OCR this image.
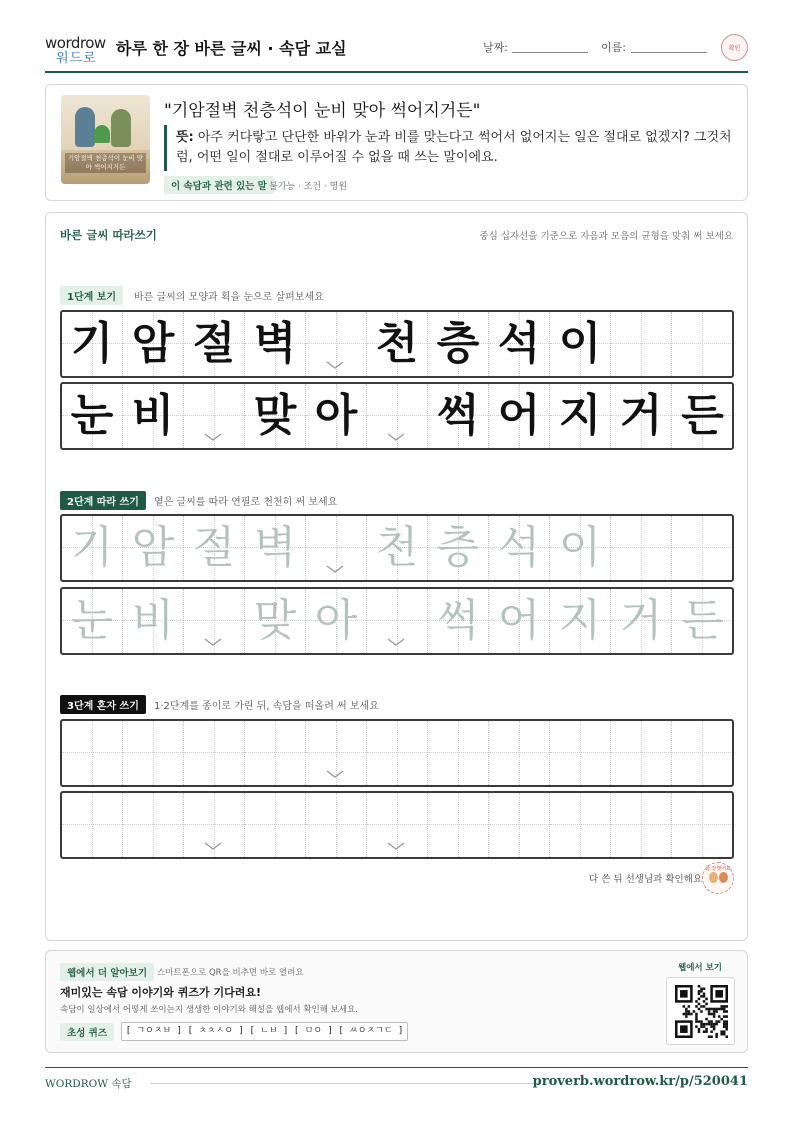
wordrow
워드로
하루 한 장 바른 글씨 · 속담 교실	날짜:	이름:	확인
기암절벽 천층석이 눈비 맞아 썩어지거든
"기암절벽 천층석이 눈비 맞아 썩어지거든"
뜻: 아주 커다랗고 단단한 바위가 눈과 비를 맞는다고 썩어서 없어지는 일은 절대로 없겠지? 그것처럼, 어떤 일이 절대로 이루어질 수 없을 때 쓰는 말이에요.
이 속담과 관련 있는 말 불가능 · 조건 · 영원
바른 글씨 따라쓰기	중심 십자선을 기준으로 자음과 모음의 균형을 맞춰 써 보세요
1단계 보기	바른 글씨의 모양과 획을 눈으로 살펴보세요
2단계 따라 쓰기	옅은 글씨를 따라 연필로 천천히 써 보세요
3단계 혼자 쓰기	1·2단계를 종이로 가린 뒤, 속담을 떠올려 써 보세요
기 암 절 벽 천 층 석 이
눈 비 맞 아 썩 어 지 거 든
기 암 절 벽 천 층 석 이
눈 비 맞 아 썩 어 지 거 든
다 쓴 뒤 선생님과 확인해요
참 잘했어요
웹에서 더 알아보기	스마트폰으로 QR을 비추면 바로 열려요
재미있는 속담 이야기와 퀴즈가 기다려요!
속담이 일상에서 어떻게 쓰이는지 생생한 이야기와 해설을 웹에서 확인해 보세요.
초성 퀴즈	[ ㄱㅇㅈㅂ ] [ ㅊㅊㅅㅇ ] [ ㄴㅂ ] [ ㅁㅇ ] [ ㅆㅇㅈㄱㄷ ]
웹에서 보기
WORDROW 속담	proverb.wordrow.kr/p/520041
